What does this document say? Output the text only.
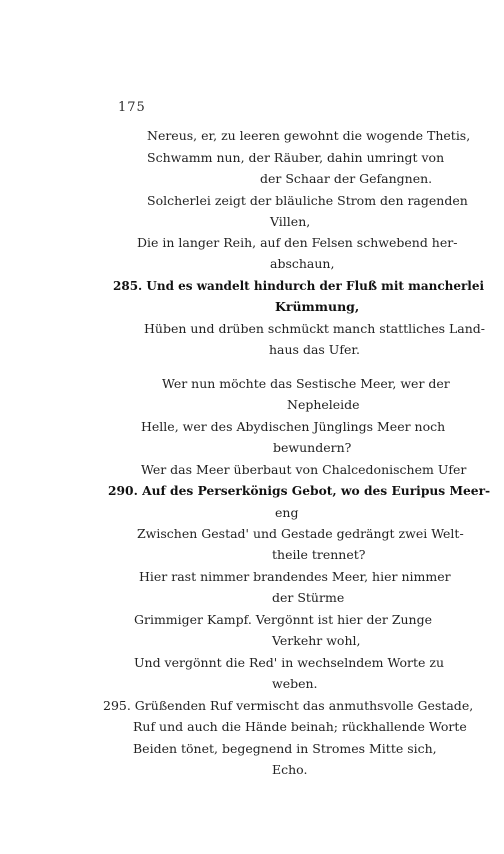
175
Nereus, er, zu leeren gewohnt die wogende Thetis,
Schwamm nun, der Räuber, dahin umringt von
der Schaar der Gefangnen.
Solcherlei zeigt der bläuliche Strom den ragenden
Villen,
Die in langer Reih, auf den Felsen schwebend her-
abschaun,
285. Und es wandelt hindurch der Fluß mit mancherlei
Krümmung,
Hüben und drüben schmückt manch stattliches Land-
haus das Ufer.
Wer nun möchte das Sestische Meer, wer der
Nepheleide
Helle, wer des Abydischen Jünglings Meer noch
bewundern?
Wer das Meer überbaut von Chalcedonischem Ufer
290. Auf des Perserkönigs Gebot, wo des Euripus Meer-
eng
Zwischen Gestad' und Gestade gedrängt zwei Welt-
theile trennet?
Hier rast nimmer brandendes Meer, hier nimmer
der Stürme
Grimmiger Kampf. Vergönnt ist hier der Zunge
Verkehr wohl,
Und vergönnt die Red' in wechselndem Worte zu
weben.
295. Grüßenden Ruf vermischt das anmuthsvolle Gestade,
Ruf und auch die Hände beinah; rückhallende Worte
Beiden tönet, begegnend in Stromes Mitte sich,
Echo.
